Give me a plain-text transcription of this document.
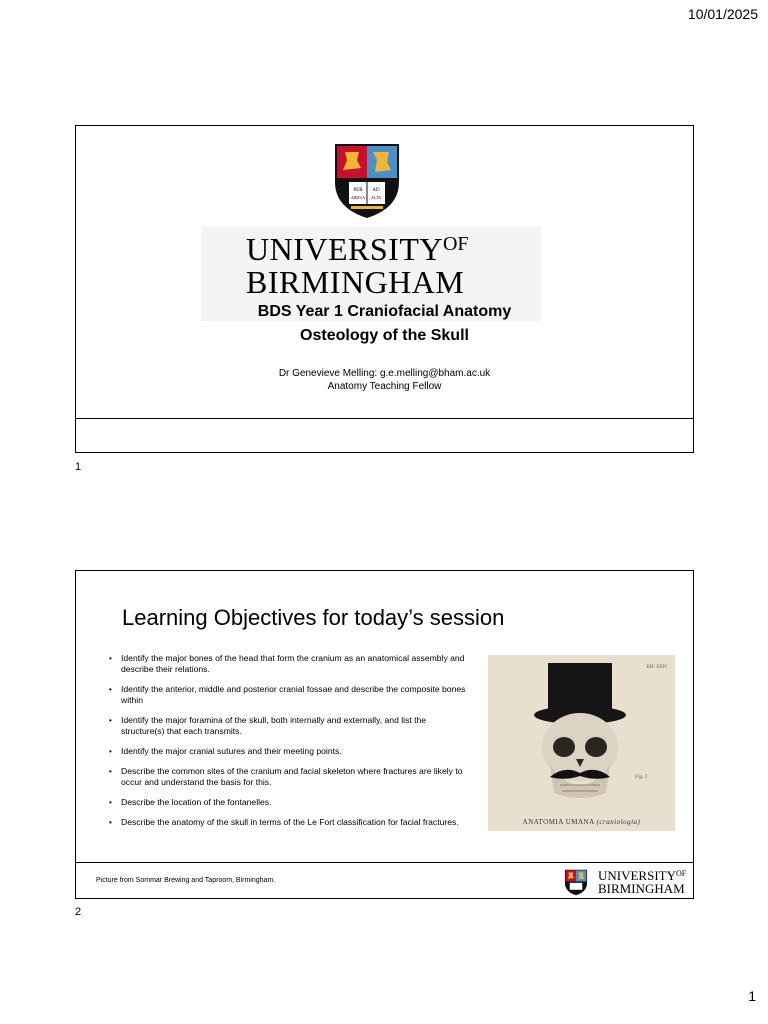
10/01/2025
PER
ARDUA
AD
ALTA
$UNIVERSITY^{OF}$
BIRMINGHAM
BDS Year 1 Craniofacial Anatomy
Osteology of the Skull
Dr Genevieve Melling: g.e.melling@bham.ac.uk
Anatomy Teaching Fellow
1
Learning Objectives for today’s session
• Identify the major bones of the head that form the cranium as an anatomical assembly and describe their relations.
• Identify the anterior, middle and posterior cranial fossae and describe the composite bones within
• Identify the major foramina of the skull, both internally and externally, and list the structure(s) that each transmits.
• Identify the major cranial sutures and their meeting points.
• Describe the common sites of the cranium and facial skeleton where fractures are likely to occur and understand the basis for this.
• Describe the location of the fontanelles.
• Describe the anatomy of the skull in terms of the Le Fort classification for facial fractures.
TAV. XXIV
Fig. 3
ANATOMIA UMANA (craniologia)
Picture from Sommar Brewing and Taproom, Birmingham.	$UNIVERSITY^{OF}$
BIRMINGHAM
2
1
